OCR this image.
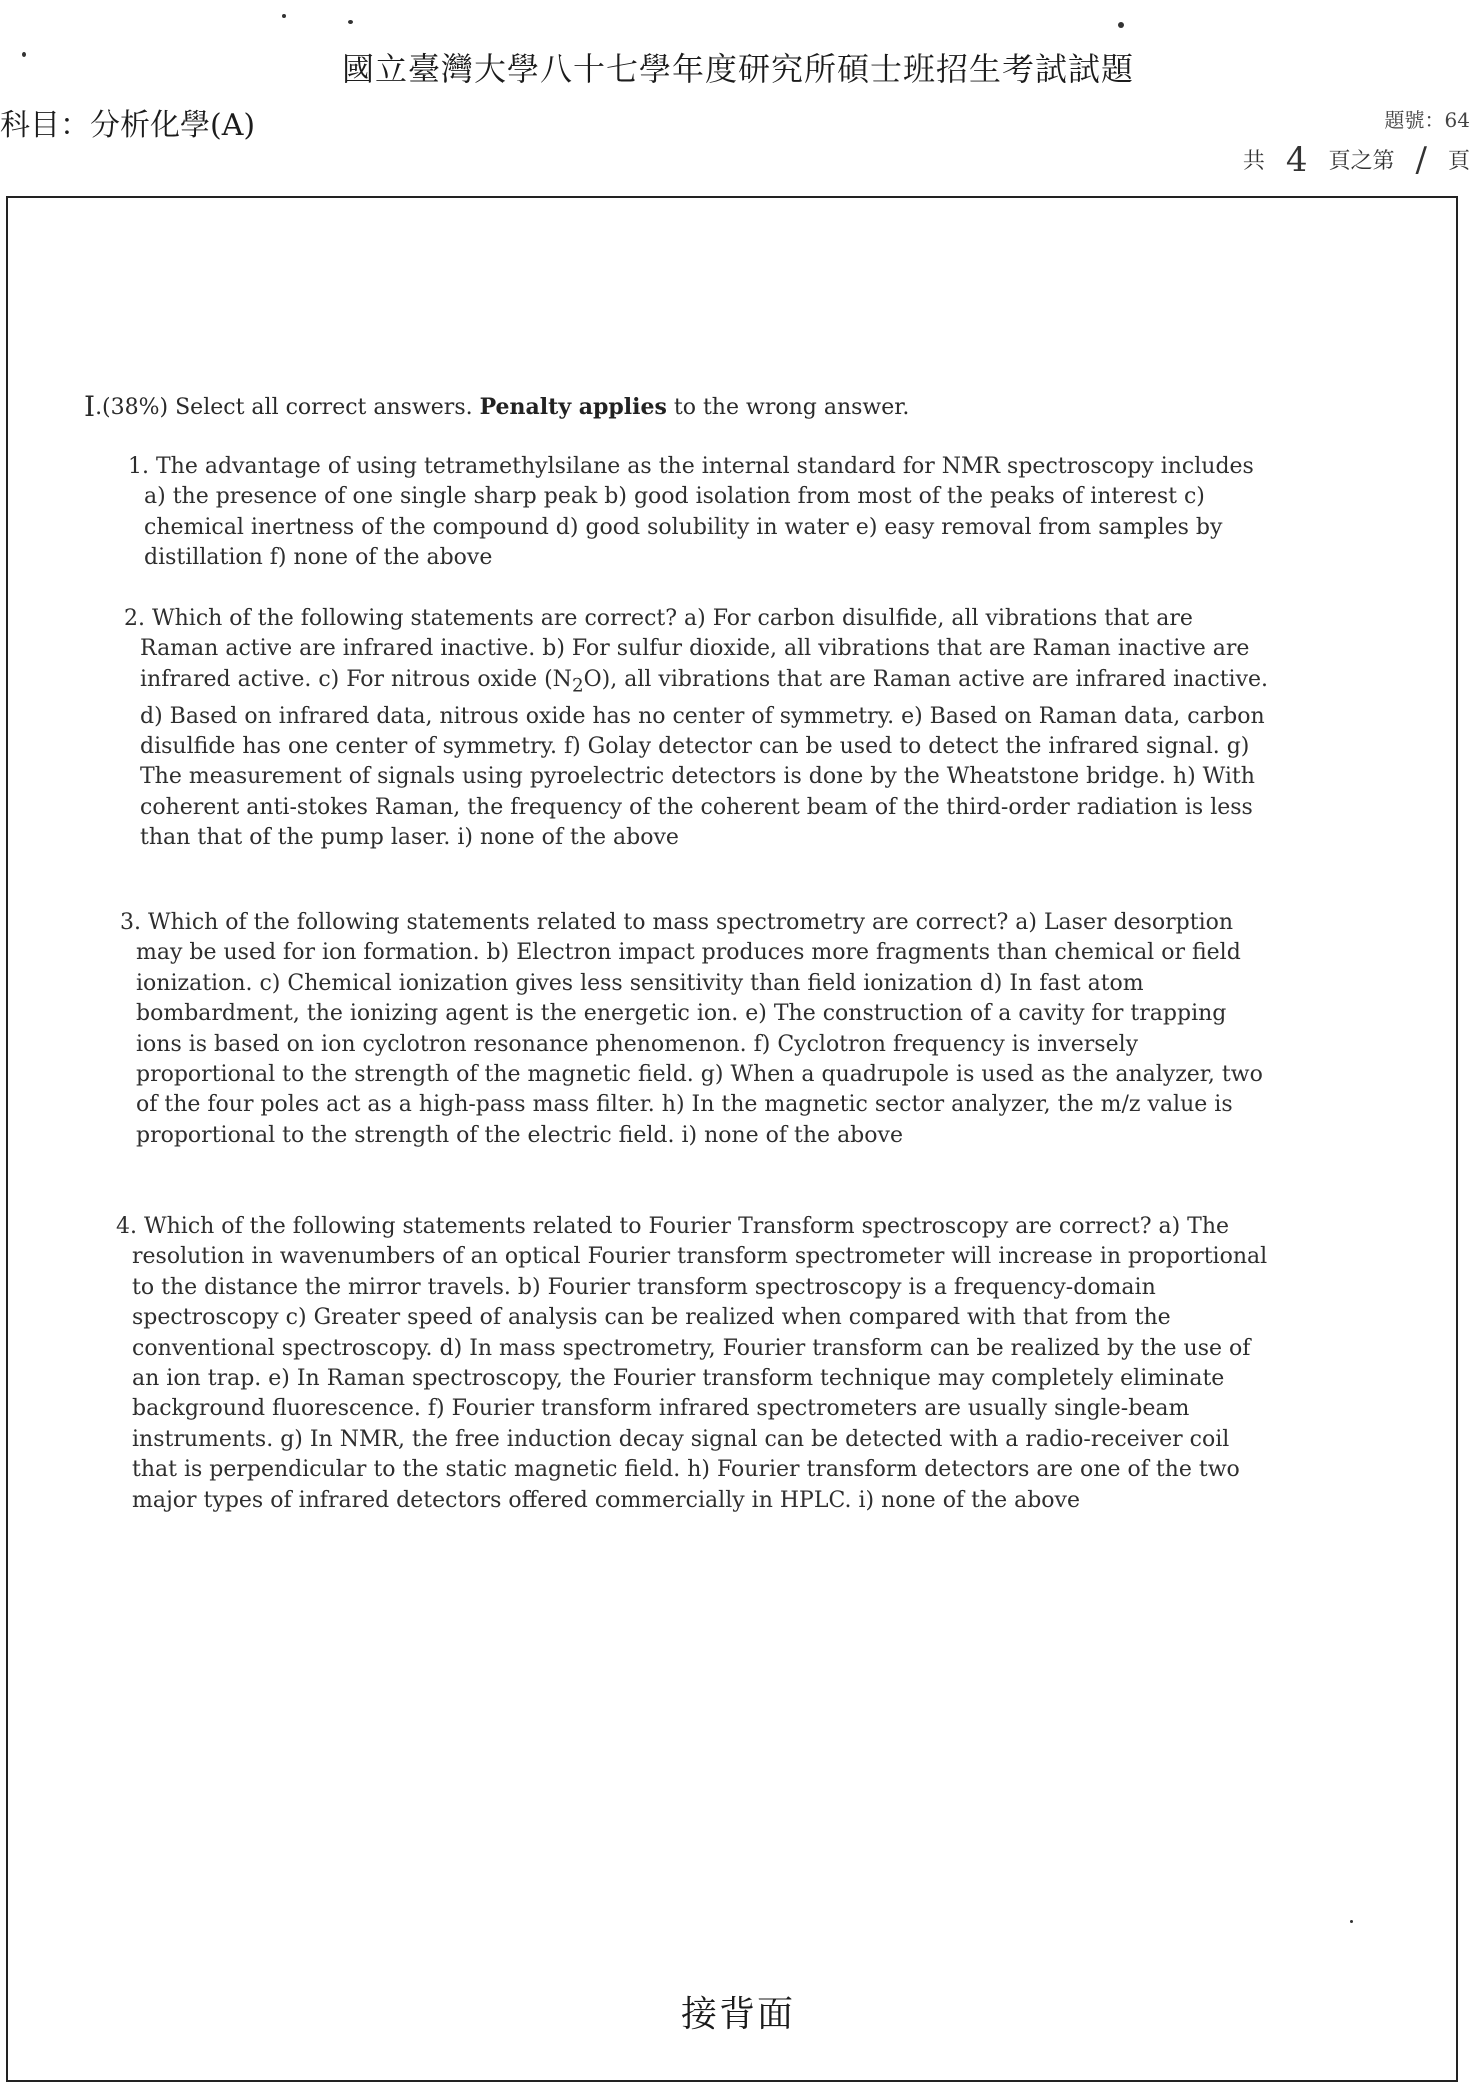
國立臺灣大學八十七學年度研究所碩士班招生考試試題
科目：分析化學(A)	題號：64
共 4 頁之第 / 頁
I.(38%) Select all correct answers. Penalty applies to the wrong answer.
1. The advantage of using tetramethylsilane as the internal standard for NMR spectroscopy includes a) the presence of one single sharp peak b) good isolation from most of the peaks of interest c) chemical inertness of the compound d) good solubility in water e) easy removal from samples by distillation f) none of the above
2. Which of the following statements are correct? a) For carbon disulfide, all vibrations that are Raman active are infrared inactive. b) For sulfur dioxide, all vibrations that are Raman inactive are infrared active. c) For nitrous oxide $(N_2O)$, all vibrations that are Raman active are infrared inactive. d) Based on infrared data, nitrous oxide has no center of symmetry. e) Based on Raman data, carbon disulfide has one center of symmetry. f) Golay detector can be used to detect the infrared signal. g) The measurement of signals using pyroelectric detectors is done by the Wheatstone bridge. h) With coherent anti-stokes Raman, the frequency of the coherent beam of the third-order radiation is less than that of the pump laser. i) none of the above
3. Which of the following statements related to mass spectrometry are correct? a) Laser desorption may be used for ion formation. b) Electron impact produces more fragments than chemical or field ionization. c) Chemical ionization gives less sensitivity than field ionization d) In fast atom bombardment, the ionizing agent is the energetic ion. e) The construction of a cavity for trapping ions is based on ion cyclotron resonance phenomenon. f) Cyclotron frequency is inversely proportional to the strength of the magnetic field. g) When a quadrupole is used as the analyzer, two of the four poles act as a high-pass mass filter. h) In the magnetic sector analyzer, the m/z value is proportional to the strength of the electric field. i) none of the above
4. Which of the following statements related to Fourier Transform spectroscopy are correct? a) The resolution in wavenumbers of an optical Fourier transform spectrometer will increase in proportional to the distance the mirror travels. b) Fourier transform spectroscopy is a frequency-domain spectroscopy c) Greater speed of analysis can be realized when compared with that from the conventional spectroscopy. d) In mass spectrometry, Fourier transform can be realized by the use of an ion trap. e) In Raman spectroscopy, the Fourier transform technique may completely eliminate background fluorescence. f) Fourier transform infrared spectrometers are usually single-beam instruments. g) In NMR, the free induction decay signal can be detected with a radio-receiver coil that is perpendicular to the static magnetic field. h) Fourier transform detectors are one of the two major types of infrared detectors offered commercially in HPLC. i) none of the above
接背面
